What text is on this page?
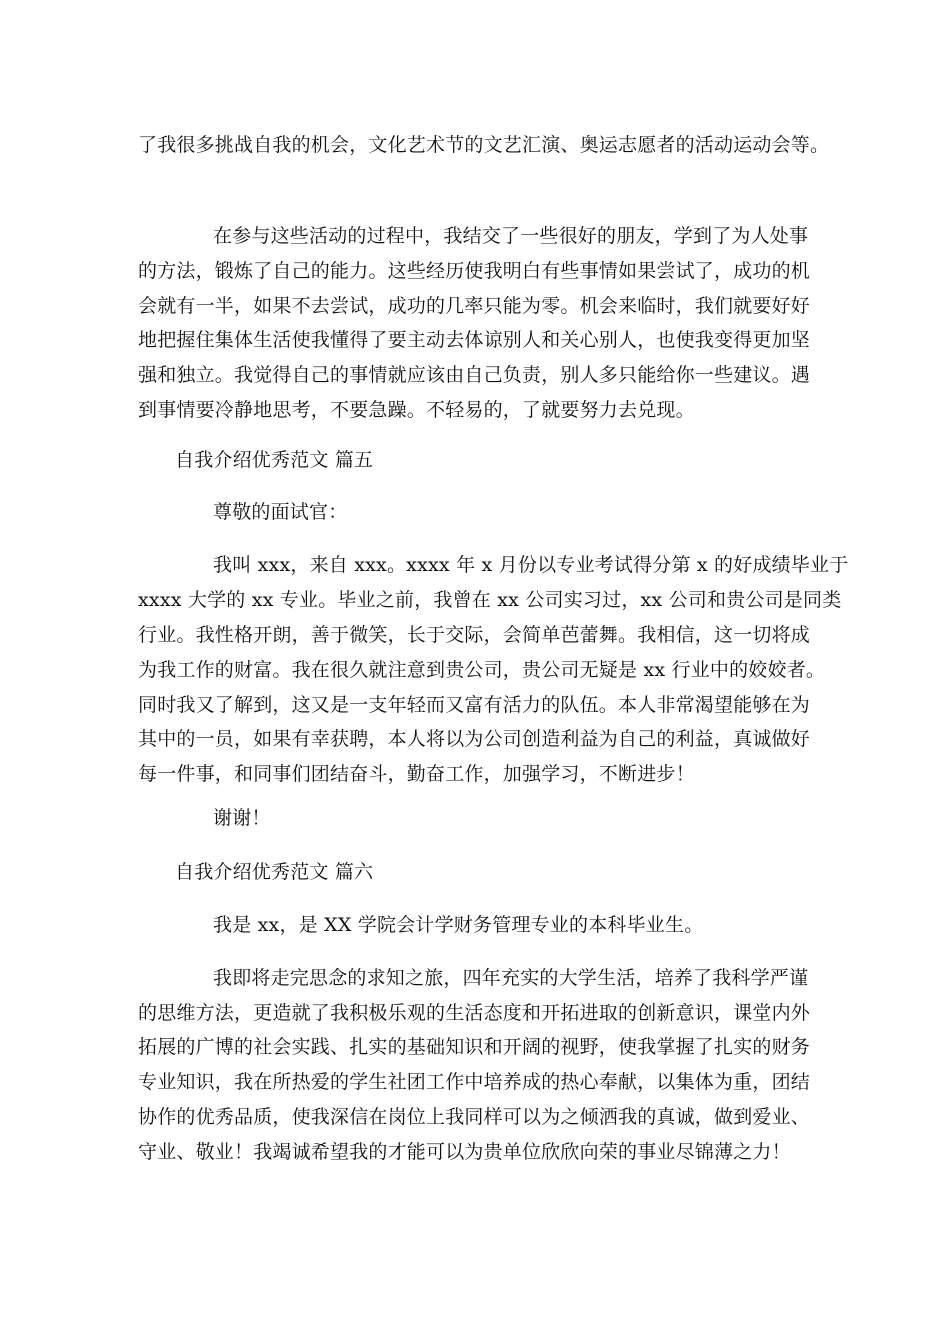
了我很多挑战自我的机会，文化艺术节的文艺汇演、奥运志愿者的活动运动会等。
在参与这些活动的过程中，我结交了一些很好的朋友，学到了为人处事
的方法，锻炼了自己的能力。这些经历使我明白有些事情如果尝试了，成功的机
会就有一半，如果不去尝试，成功的几率只能为零。机会来临时，我们就要好好
地把握住集体生活使我懂得了要主动去体谅别人和关心别人，也使我变得更加坚
强和独立。我觉得自己的事情就应该由自己负责，别人多只能给你一些建议。遇
到事情要冷静地思考，不要急躁。不轻易的，了就要努力去兑现。
自我介绍优秀范文 篇五
尊敬的面试官：
我叫 xxx，来自 xxx。xxxx 年 x 月份以专业考试得分第 x 的好成绩毕业于
xxxx 大学的 xx 专业。毕业之前，我曾在 xx 公司实习过，xx 公司和贵公司是同类
行业。我性格开朗，善于微笑，长于交际，会简单芭蕾舞。我相信，这一切将成
为我工作的财富。我在很久就注意到贵公司，贵公司无疑是 xx 行业中的姣姣者。
同时我又了解到，这又是一支年轻而又富有活力的队伍。本人非常渴望能够在为
其中的一员，如果有幸获聘，本人将以为公司创造利益为自己的利益，真诚做好
每一件事，和同事们团结奋斗，勤奋工作，加强学习，不断进步！
谢谢！
自我介绍优秀范文 篇六
我是 xx，是 XX 学院会计学财务管理专业的本科毕业生。
我即将走完思念的求知之旅，四年充实的大学生活，培养了我科学严谨
的思维方法，更造就了我积极乐观的生活态度和开拓进取的创新意识，课堂内外
拓展的广博的社会实践、扎实的基础知识和开阔的视野，使我掌握了扎实的财务
专业知识，我在所热爱的学生社团工作中培养成的热心奉献，以集体为重，团结
协作的优秀品质，使我深信在岗位上我同样可以为之倾洒我的真诚，做到爱业、
守业、敬业！我竭诚希望我的才能可以为贵单位欣欣向荣的事业尽锦薄之力！
